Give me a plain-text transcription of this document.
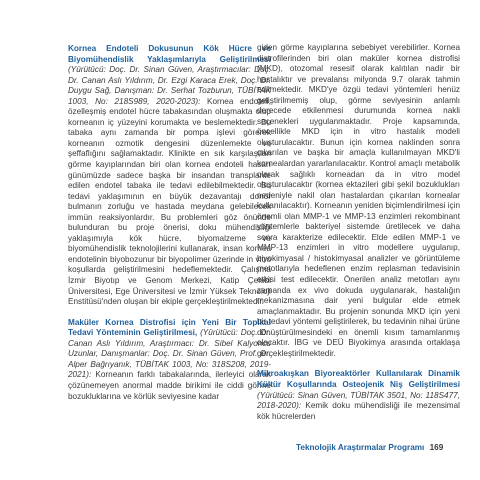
Kornea Endoteli Dokusunun Kök Hücre ve Biyomühendislik Yaklaşımlarıyla Geliştirilmesi (Yürütücü: Doç. Dr. Sinan Güven, Araştırmacılar: Doç. Dr. Canan Aslı Yıldırım, Dr. Ezgi Karaca Erek, Doç. Dr. Duygu Sağ, Danışman: Dr. Serhat Tozburun, TÜBİTAK 1003, No: 218S989, 2020-2023): Kornea endoteli, özelleşmiş endotel hücre tabakasından oluşmakta olup korneanın iç yüzeyini korumakta ve beslemektedir. Bu tabaka aynı zamanda bir pompa işlevi görerek korneanın ozmotik dengesini düzenlemekte ve şeffaflığını sağlamaktadır. Klinikte en sık karşılaşılan görme kayıplarından biri olan kornea endoteli hasarı günümüzde sadece başka bir insandan transplante edilen endotel tabaka ile tedavi edilebilmektedir. Bu tedavi yaklaşımının en büyük dezavantajı donör bulmanın zorluğu ve hastada meydana gelebilecek immün reaksiyonlardır. Bu problemleri göz önünde bulunduran bu proje önerisi, doku mühendisliği yaklaşımıyla kök hücre, biyomalzeme ve biyomühendislik teknolojilerini kullanarak, insan kornea endotelinin biyobozunur bir biyopolimer üzerinde in vitro koşullarda geliştirilmesini hedeflemektedir. Çalışma İzmir Biyotıp ve Genom Merkezi, Katip Çelebi Üniversitesi, Ege Üniversitesi ve İzmir Yüksek Teknoloji Enstitüsü'nden oluşan bir ekiple gerçekleştirilmektedir.
Maküler Kornea Distrofisi için Yeni Bir Topikal Tedavi Yönteminin Geliştirilmesi, (Yürütücü: Doç. Dr. Canan Aslı Yıldırım, Araştırmacı: Dr. Sibel Kalyoncu Uzunlar, Danışmanlar: Doç. Dr. Sinan Güven, Prof. Dr. Alper Bağrıyanık, TÜBİTAK 1003, No: 318S208, 2019-2021): Korneanın farklı tabakalarında, ilerleyici olarak çözünemeyen anormal madde birikimi ile ciddi görme bozukluklarına ve körlük seviyesine kadar
giden görme kayıplarına sebebiyet verebilirler. Kornea distrofilerinden biri olan maküler kornea distrofisi (MKD), otozomal resesif olarak kalıtılan nadir bir hastalıktır ve prevalansı milyonda 9.7 olarak tahmin edilmektedir. MKD'ye özgü tedavi yöntemleri henüz geliştirilmemiş olup, görme seviyesinin anlamlı derecede etkilenmesi durumunda kornea nakli seçenekleri uygulanmaktadır. Proje kapsamında, öncellikle MKD için in vitro hastalık modeli oluşturulacaktır. Bunun için kornea naklinden sonra çıkarılan ve başka bir amaçla kullanılmayan MKD'li kornealardan yararlanılacaktır. Kontrol amaçlı metabolik olarak sağlıklı korneadan da in vitro model oluşturulacaktır (kornea ektazileri gibi şekil bozuklukları nedeniyle nakil olan hastalardan çıkarılan kornealar kullanılacaktır). Korneanın yeniden biçimlendirilmesi için önemli olan MMP-1 ve MMP-13 enzimleri rekombinant yöntemlerle bakteriyel sistemde üretilecek ve daha sonra karakterize edilecektir. Elde edilen MMP-1 ve MMP-13 enzimleri in vitro modellere uygulanıp, biyokimyasal / histokimyasal analizler ve görüntüleme metotlarıyla hedeflenen enzim replasman tedavisinin etkisi test edilecektir. Önerilen analiz metotları aynı zamanda ex vivo dokuda uygulanarak, hastalığın mekanizmasına dair yeni bulgular elde etmek amaçlanmaktadır. Bu projenin sonunda MKD için yeni bir tedavi yöntemi geliştirilerek, bu tedavinin nihai ürüne dönüştürülmesindeki en önemli kısım tamamlanmış olacaktır. İBG ve DEÜ Biyokimya arasında ortaklaşa gerçekleştirilmektedir.
Mikroakışkan Biyoreaktörler Kullanılarak Dinamik Kültür Koşullarında Osteojenik Niş Geliştirilmesi (Yürütücü: Sinan Güven, TÜBİTAK 3501, No: 118S477, 2018-2020): Kemik doku mühendisliği ile mezensimal kök hücrelerden
Teknolojik Araştırmalar Programı 169
